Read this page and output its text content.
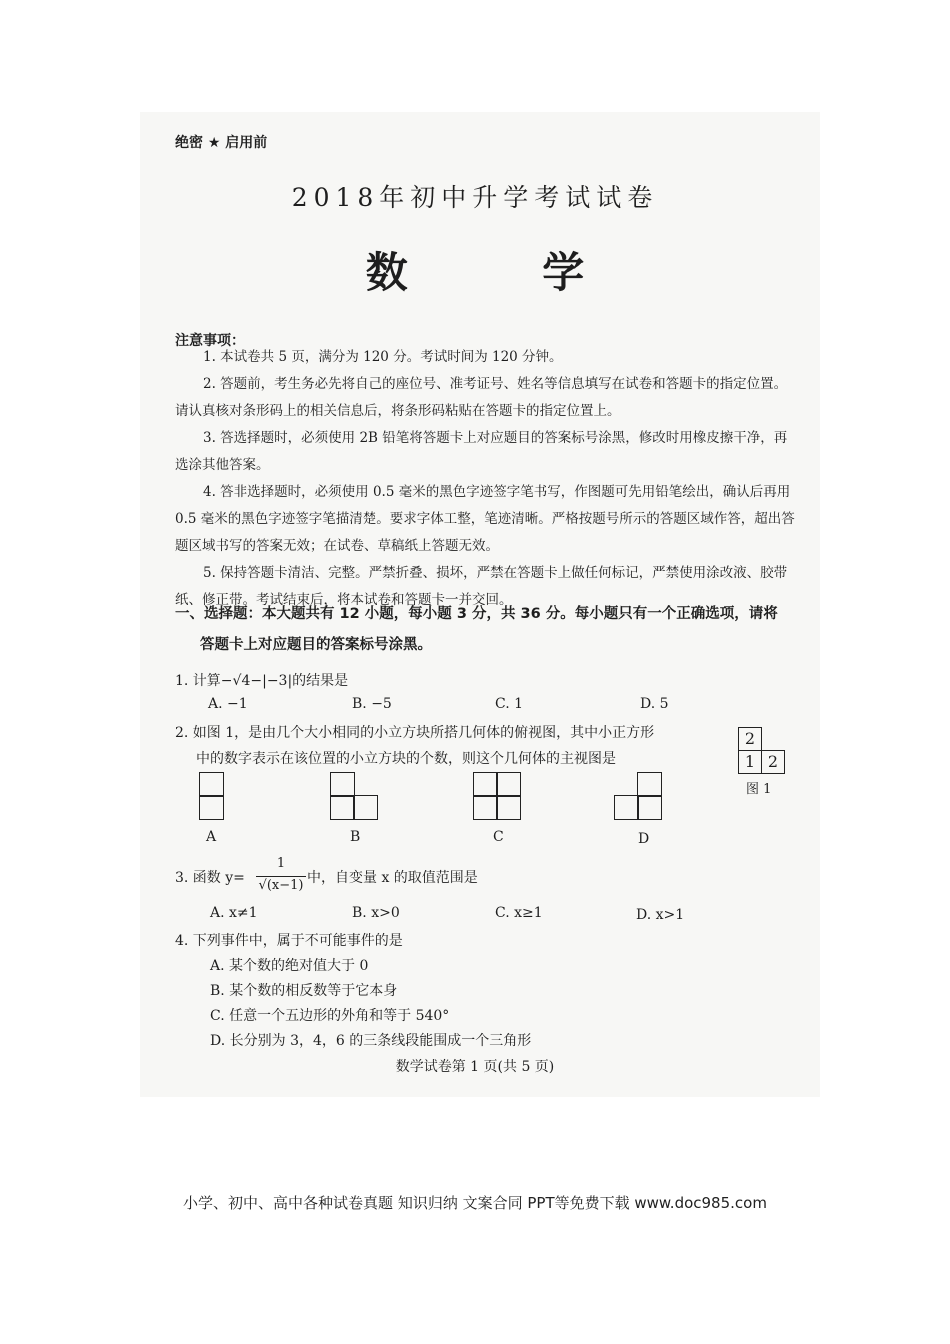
绝密 ★ 启用前
2018年初中升学考试试卷
数 学
注意事项：
1. 本试卷共 5 页，满分为 120 分。考试时间为 120 分钟。
2. 答题前，考生务必先将自己的座位号、准考证号、姓名等信息填写在试卷和答题卡的指定位置。请认真核对条形码上的相关信息后，将条形码粘贴在答题卡的指定位置上。
3. 答选择题时，必须使用 2B 铅笔将答题卡上对应题目的答案标号涂黑，修改时用橡皮擦干净，再选涂其他答案。
4. 答非选择题时，必须使用 0.5 毫米的黑色字迹签字笔书写，作图题可先用铅笔绘出，确认后再用 0.5 毫米的黑色字迹签字笔描清楚。要求字体工整，笔迹清晰。严格按题号所示的答题区域作答，超出答题区域书写的答案无效；在试卷、草稿纸上答题无效。
5. 保持答题卡清洁、完整。严禁折叠、损坏，严禁在答题卡上做任何标记，严禁使用涂改液、胶带纸、修正带。考试结束后，将本试卷和答题卡一并交回。
一、选择题：本大题共有 12 小题，每小题 3 分，共 36 分。每小题只有一个正确选项，请将
答题卡上对应题目的答案标号涂黑。
1. 计算−√4−|−3|的结果是
A. −1	B. −5	C. 1	D. 5
2. 如图 1，是由几个大小相同的小立方块所搭几何体的俯视图，其中小正方形
中的数字表示在该位置的小立方块的个数，则这个几何体的主视图是
2
1 2
图 1
A	B	C	D
3. 函数 y=
1
√(x−1) 中，自变量 x 的取值范围是
A. x≠1	B. x>0	C. x≥1	D. x>1
4. 下列事件中，属于不可能事件的是
A. 某个数的绝对值大于 0
B. 某个数的相反数等于它本身
C. 任意一个五边形的外角和等于 540°
D. 长分别为 3，4，6 的三条线段能围成一个三角形
数学试卷第 1 页(共 5 页)
小学、初中、高中各种试卷真题 知识归纳 文案合同 PPT等免费下载 www.doc985.com
